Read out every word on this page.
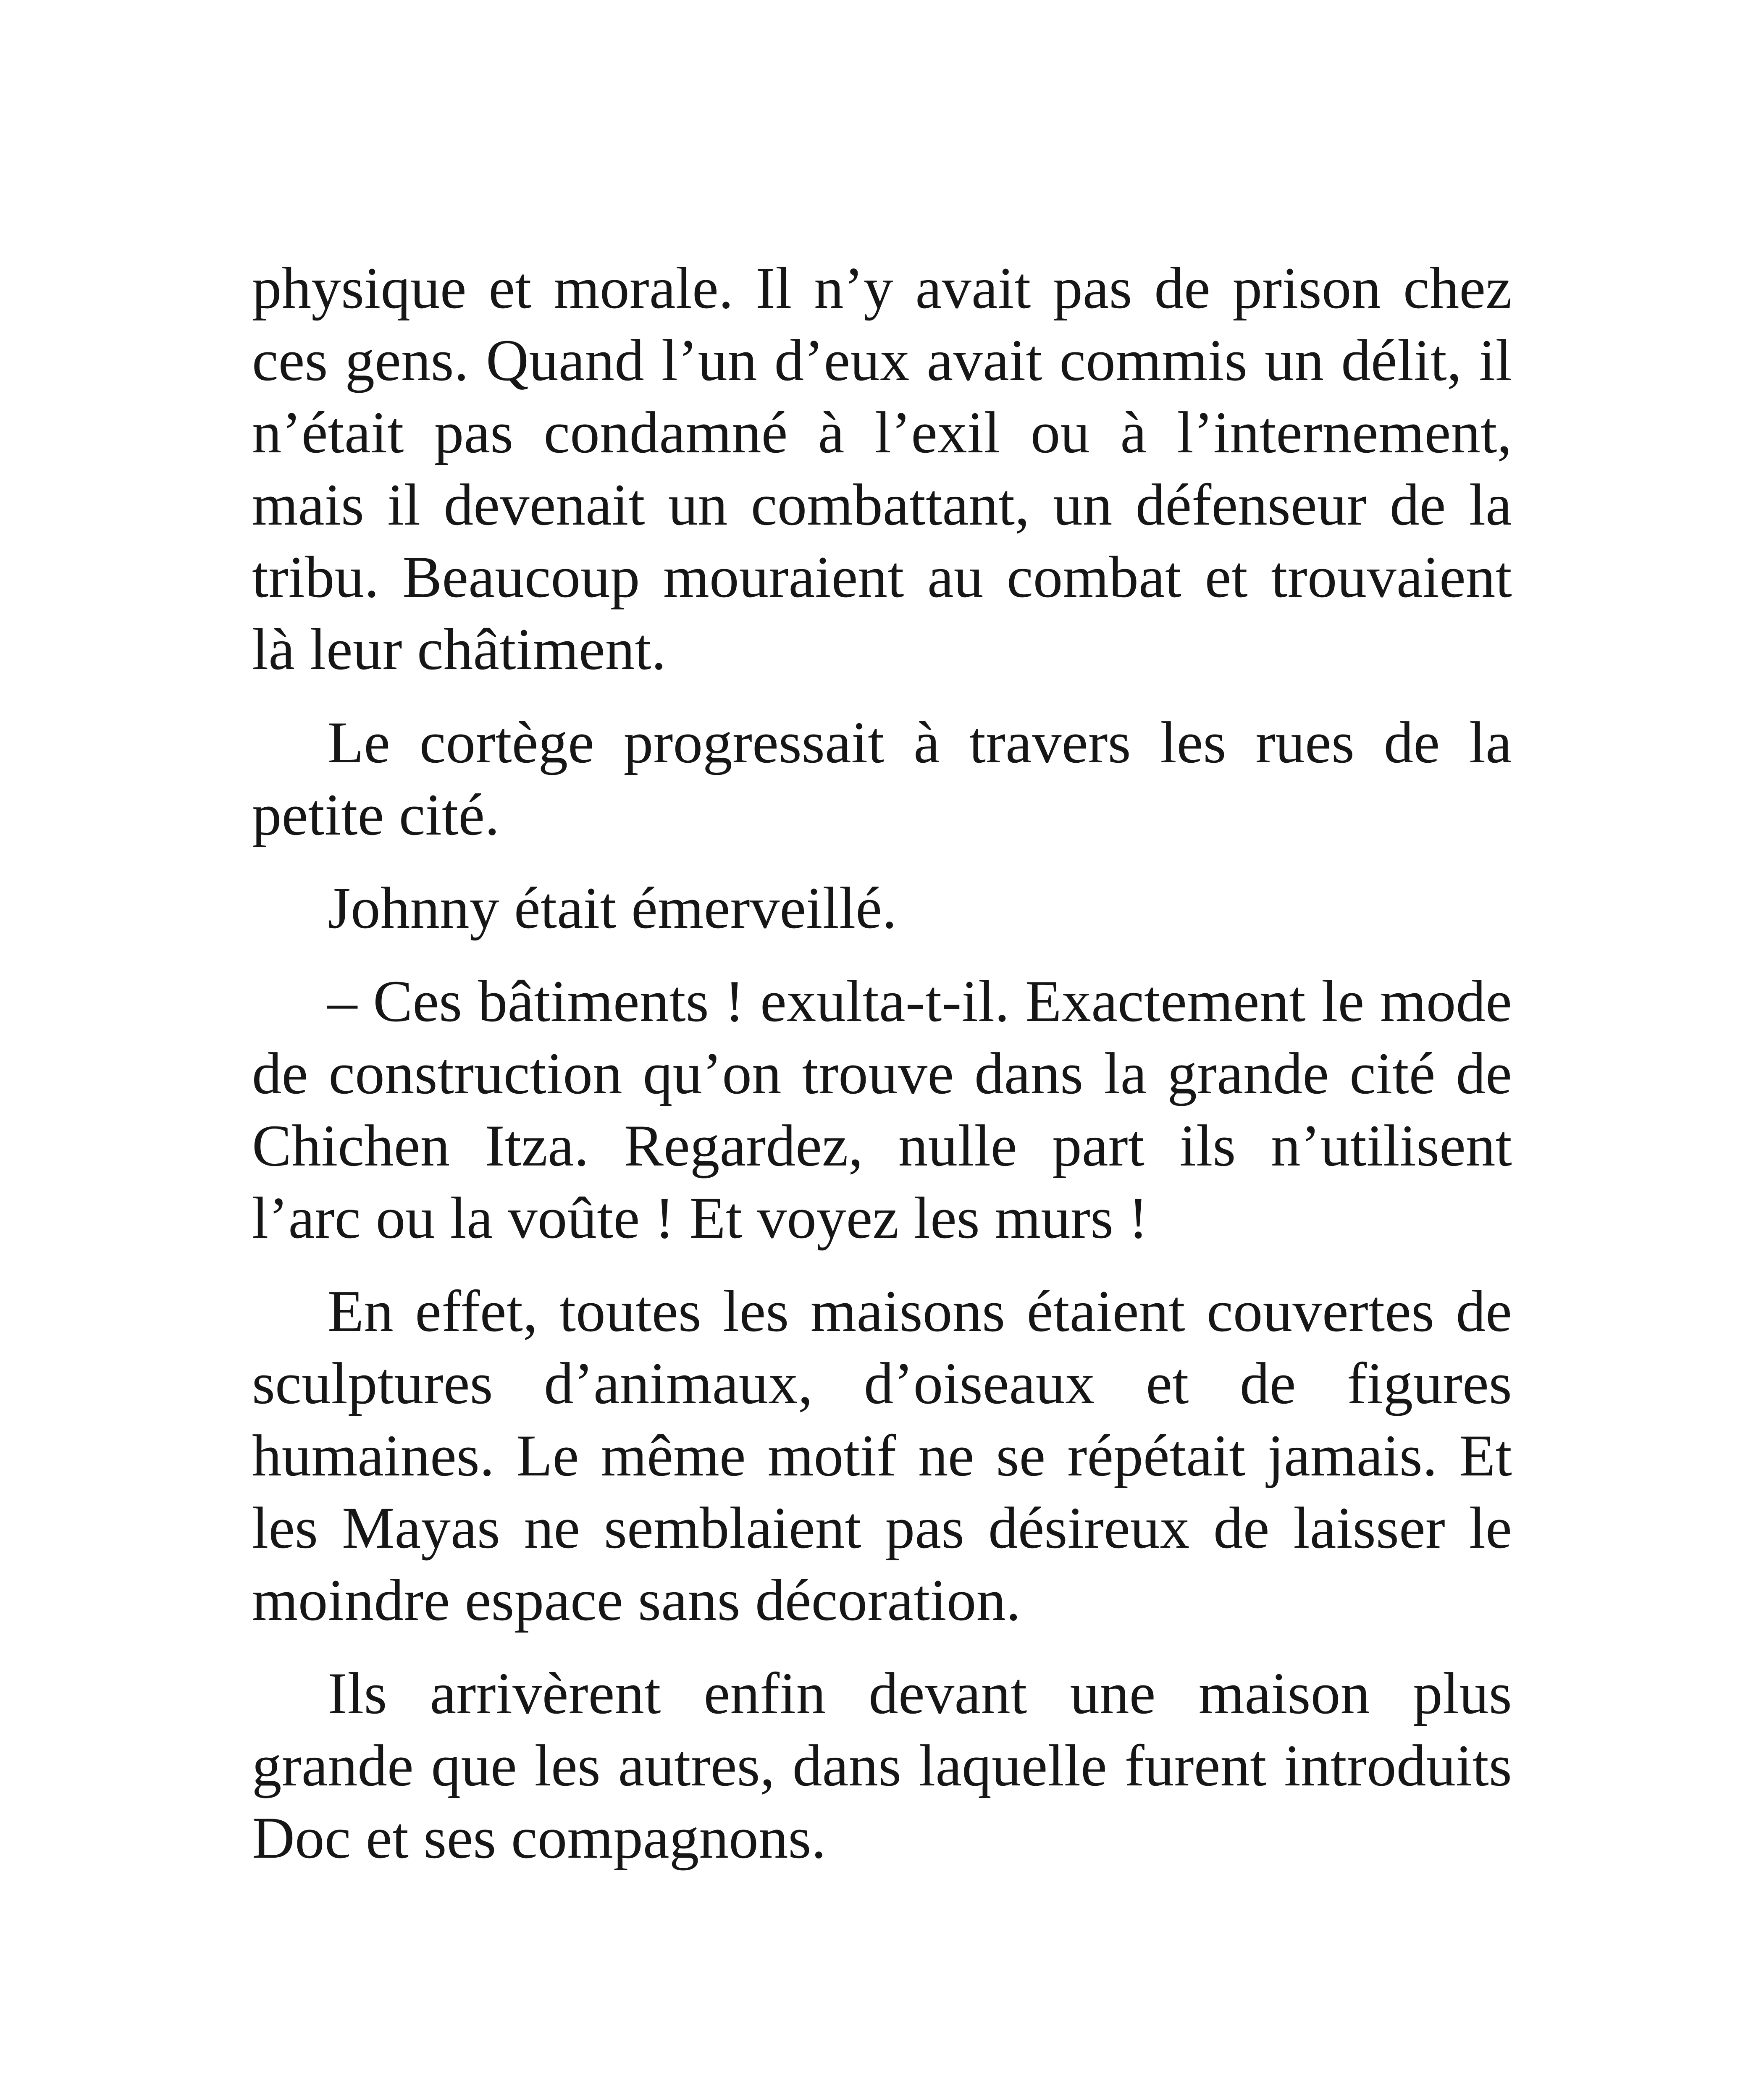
physique et morale. Il n’y avait pas de prison chez ces gens. Quand l’un d’eux avait commis un délit, il n’était pas condamné à l’exil ou à l’internement, mais il devenait un combattant, un défenseur de la tribu. Beaucoup mouraient au combat et trouvaient là leur châtiment.

Le cortège progressait à travers les rues de la petite cité.

Johnny était émerveillé.

– Ces bâtiments ! exulta-t-il. Exactement le mode de construction qu’on trouve dans la grande cité de Chichen Itza. Regardez, nulle part ils n’utilisent l’arc ou la voûte ! Et voyez les murs !

En effet, toutes les maisons étaient couvertes de sculptures d’animaux, d’oiseaux et de figures humaines. Le même motif ne se répétait jamais. Et les Mayas ne semblaient pas désireux de laisser le moindre espace sans décoration.

Ils arrivèrent enfin devant une maison plus grande que les autres, dans laquelle furent introduits Doc et ses compagnons.
